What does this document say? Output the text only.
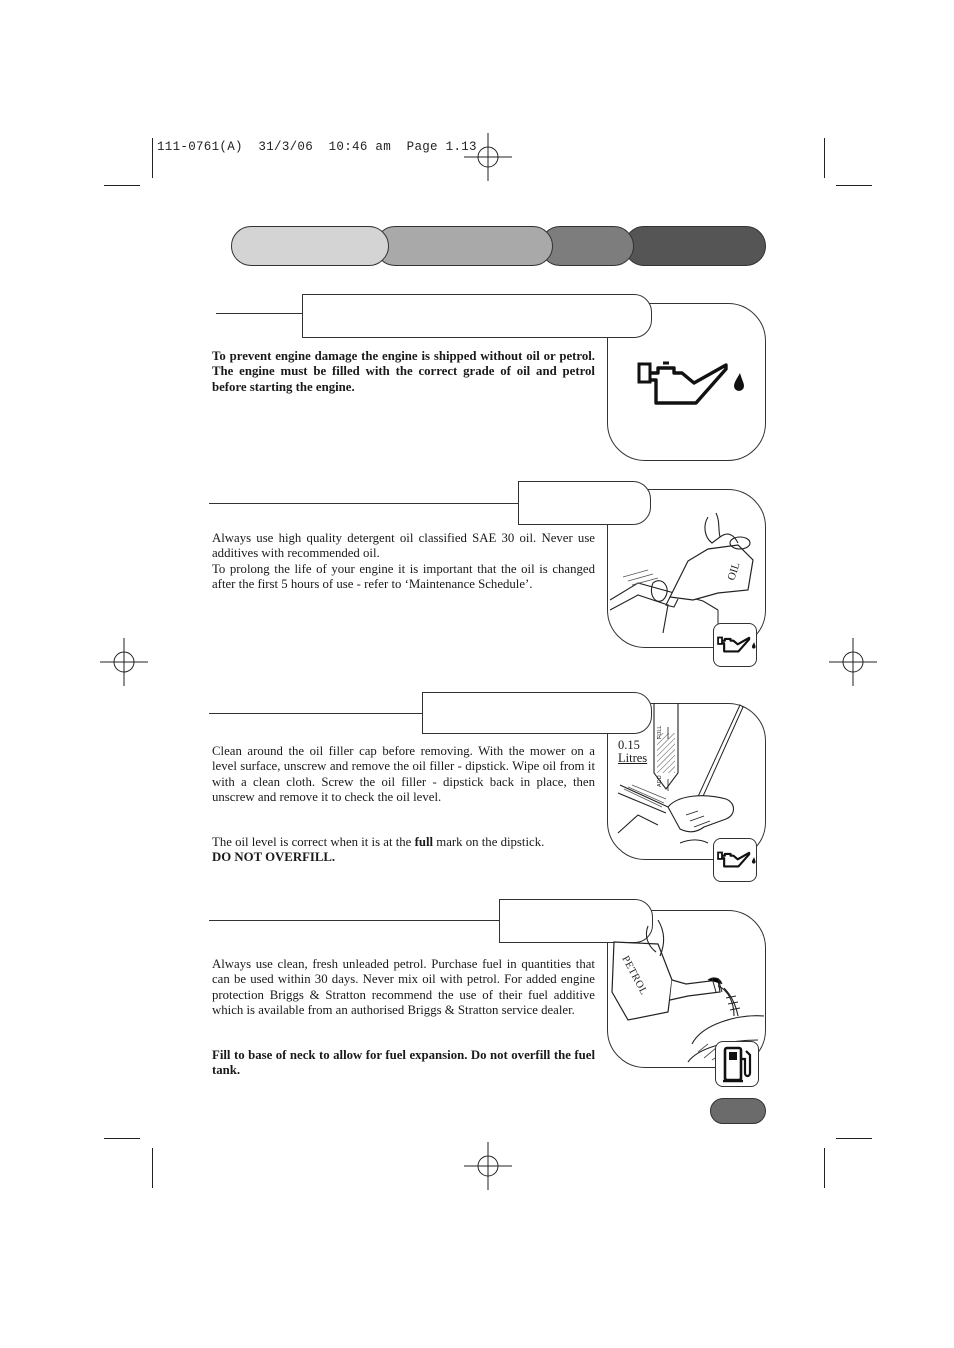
111-0761(A)  31/3/06  10:46 am  Page 1.13
To prevent engine damage the engine is shipped without oil or petrol. The engine must be filled with the correct grade of oil and petrol before starting the engine.

Always use high quality detergent oil classified SAE 30 oil. Never use additives with recommended oil.

To prolong the life of your engine it is important that the oil is changed after the first 5 hours of use - refer to ‘Maintenance Schedule’.

OIL

Clean around the oil filler cap before removing. With the mower on a level surface, unscrew and remove the oil filler - dipstick. Wipe oil from it with a clean cloth. Screw the oil filler - dipstick back in place, then unscrew and remove it to check the oil level.

The oil level is correct when it is at the full mark on the dipstick.

DO NOT OVERFILL.

0.15
Litres
FULL
ADD

Always use clean, fresh unleaded petrol. Purchase fuel in quantities that can be used within 30 days. Never mix oil with petrol. For added engine protection Briggs & Stratton recommend the use of their fuel additive which is available from an authorised Briggs & Stratton service dealer.

Fill to base of neck to allow for fuel expansion. Do not overfill the fuel tank.
PETROL
